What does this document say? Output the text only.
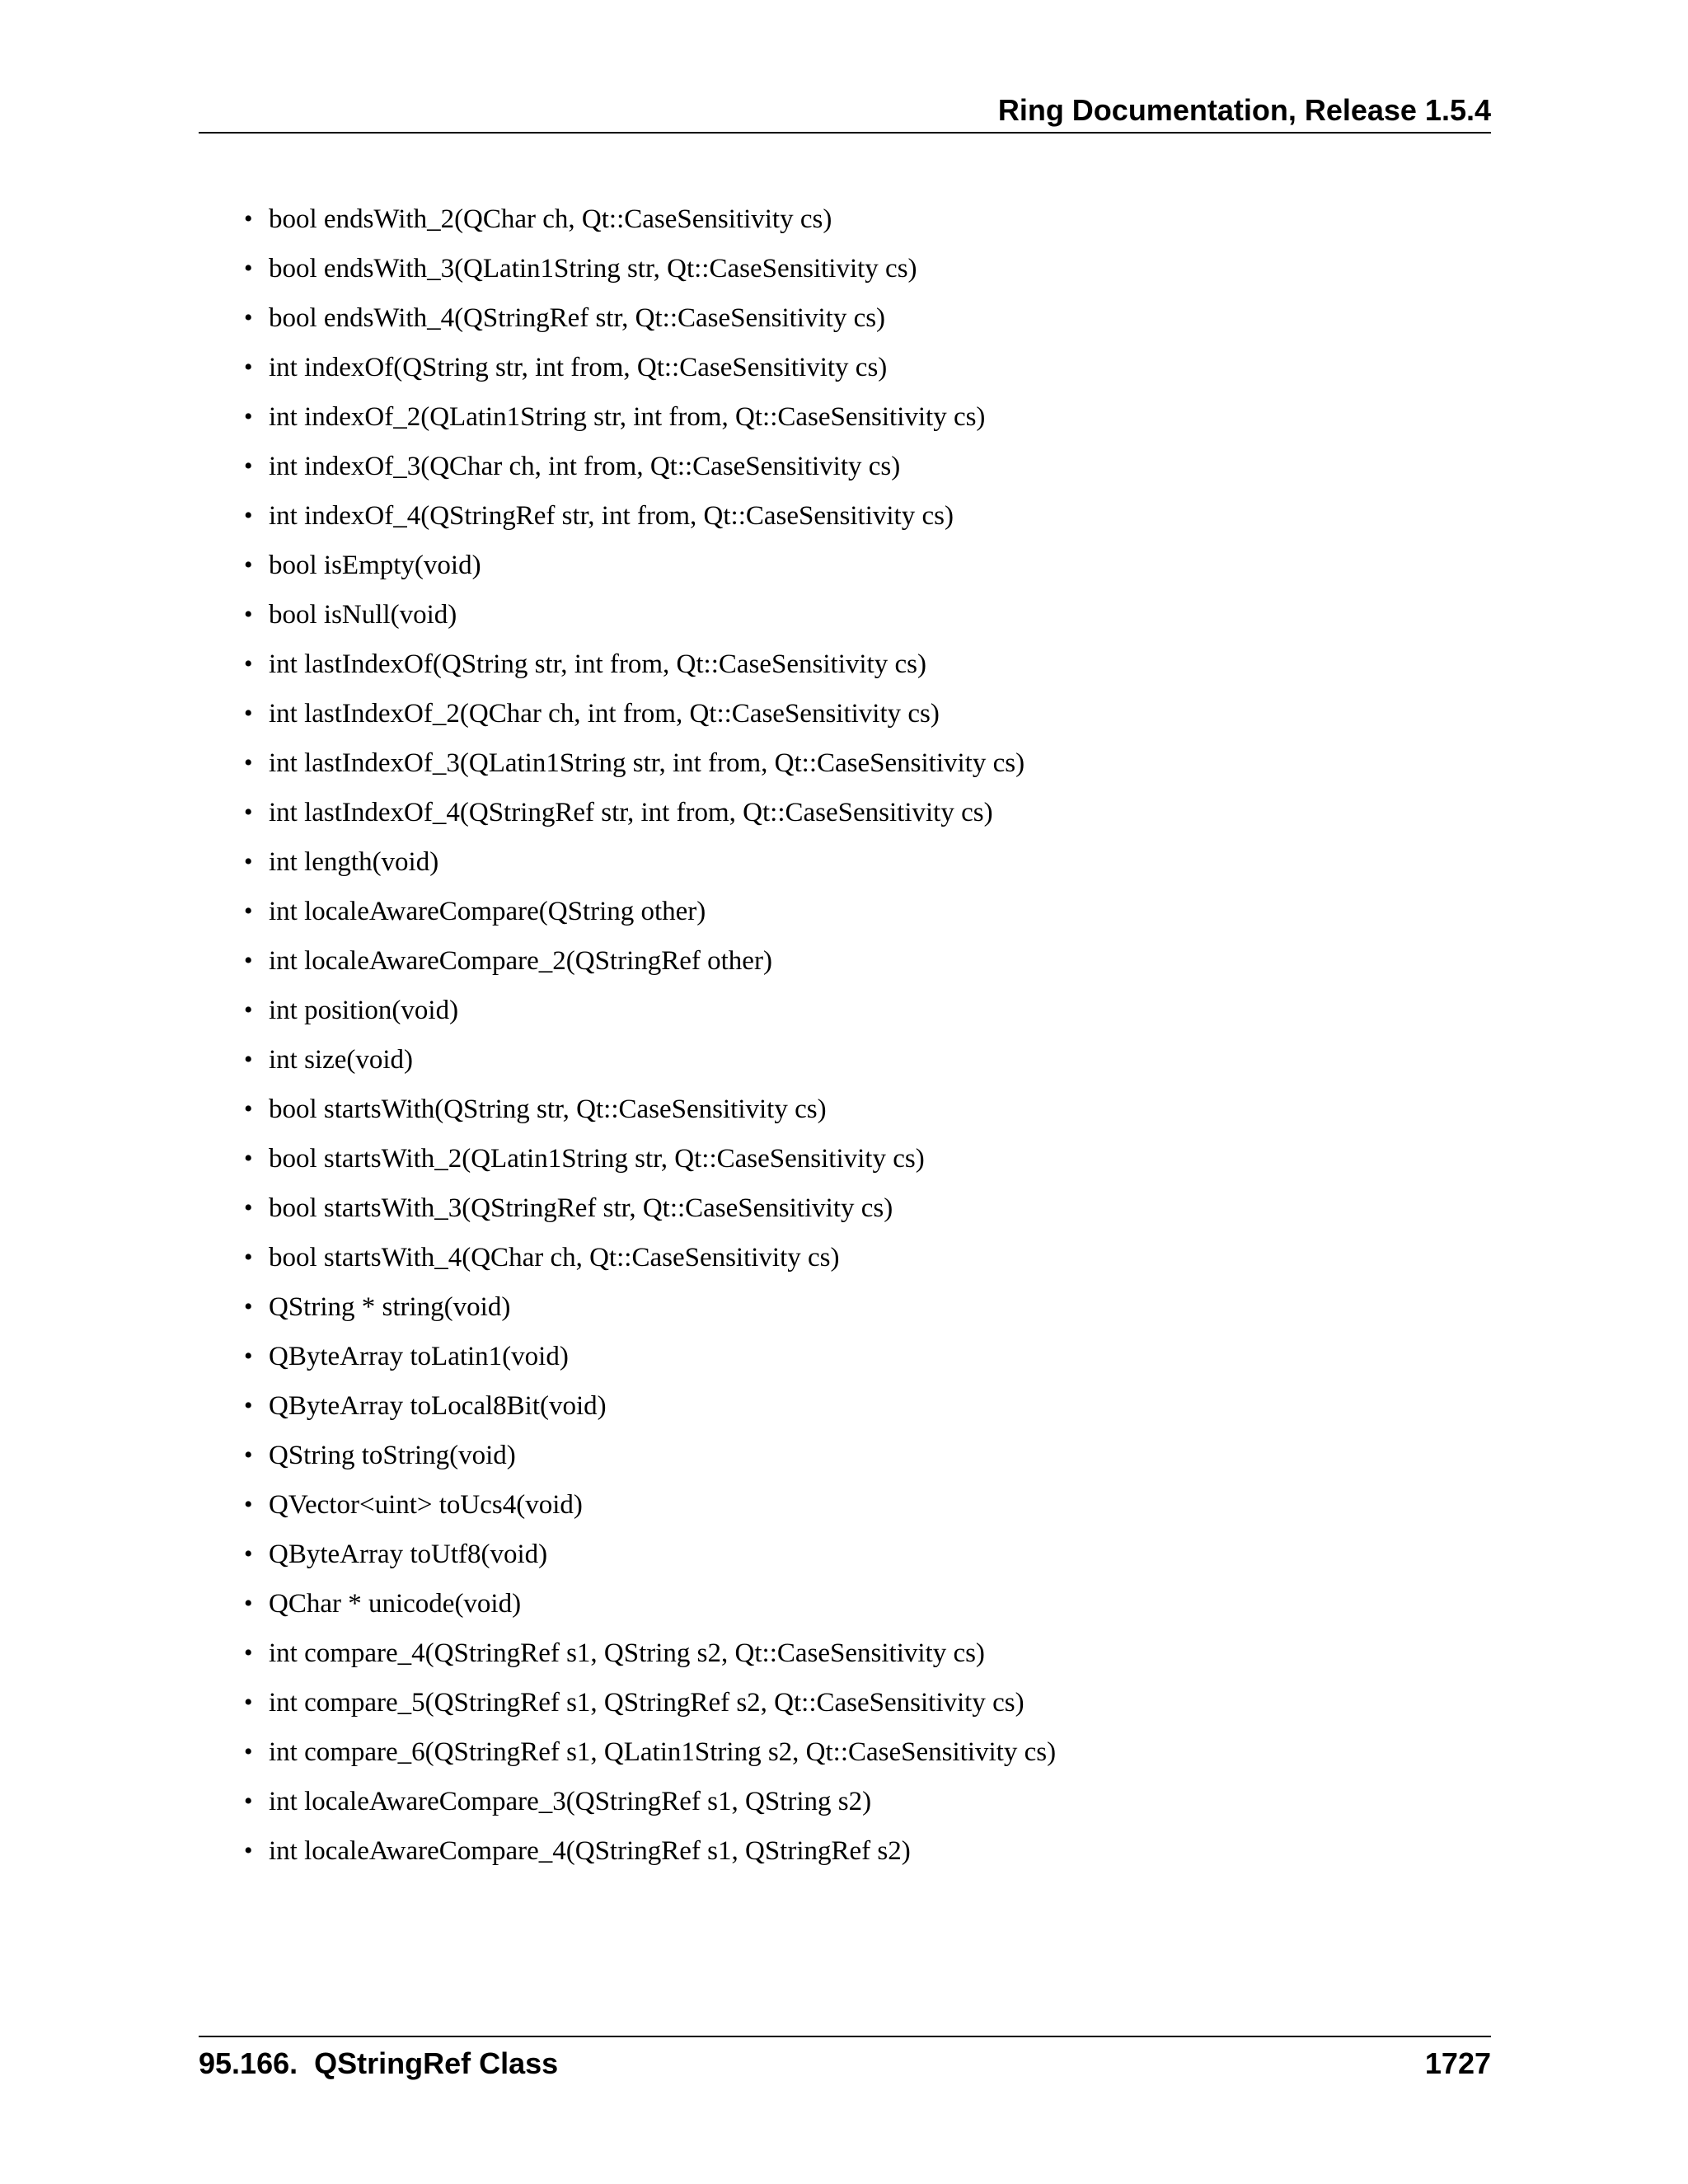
Ring Documentation, Release 1.5.4
• bool endsWith_2(QChar ch, Qt::CaseSensitivity cs)
• bool endsWith_3(QLatin1String str, Qt::CaseSensitivity cs)
• bool endsWith_4(QStringRef str, Qt::CaseSensitivity cs)
• int indexOf(QString str, int from, Qt::CaseSensitivity cs)
• int indexOf_2(QLatin1String str, int from, Qt::CaseSensitivity cs)
• int indexOf_3(QChar ch, int from, Qt::CaseSensitivity cs)
• int indexOf_4(QStringRef str, int from, Qt::CaseSensitivity cs)
• bool isEmpty(void)
• bool isNull(void)
• int lastIndexOf(QString str, int from, Qt::CaseSensitivity cs)
• int lastIndexOf_2(QChar ch, int from, Qt::CaseSensitivity cs)
• int lastIndexOf_3(QLatin1String str, int from, Qt::CaseSensitivity cs)
• int lastIndexOf_4(QStringRef str, int from, Qt::CaseSensitivity cs)
• int length(void)
• int localeAwareCompare(QString other)
• int localeAwareCompare_2(QStringRef other)
• int position(void)
• int size(void)
• bool startsWith(QString str, Qt::CaseSensitivity cs)
• bool startsWith_2(QLatin1String str, Qt::CaseSensitivity cs)
• bool startsWith_3(QStringRef str, Qt::CaseSensitivity cs)
• bool startsWith_4(QChar ch, Qt::CaseSensitivity cs)
• QString * string(void)
• QByteArray toLatin1(void)
• QByteArray toLocal8Bit(void)
• QString toString(void)
• QVector<uint> toUcs4(void)
• QByteArray toUtf8(void)
• QChar * unicode(void)
• int compare_4(QStringRef s1, QString s2, Qt::CaseSensitivity cs)
• int compare_5(QStringRef s1, QStringRef s2, Qt::CaseSensitivity cs)
• int compare_6(QStringRef s1, QLatin1String s2, Qt::CaseSensitivity cs)
• int localeAwareCompare_3(QStringRef s1, QString s2)
• int localeAwareCompare_4(QStringRef s1, QStringRef s2)
95.166.  QStringRef Class	1727
